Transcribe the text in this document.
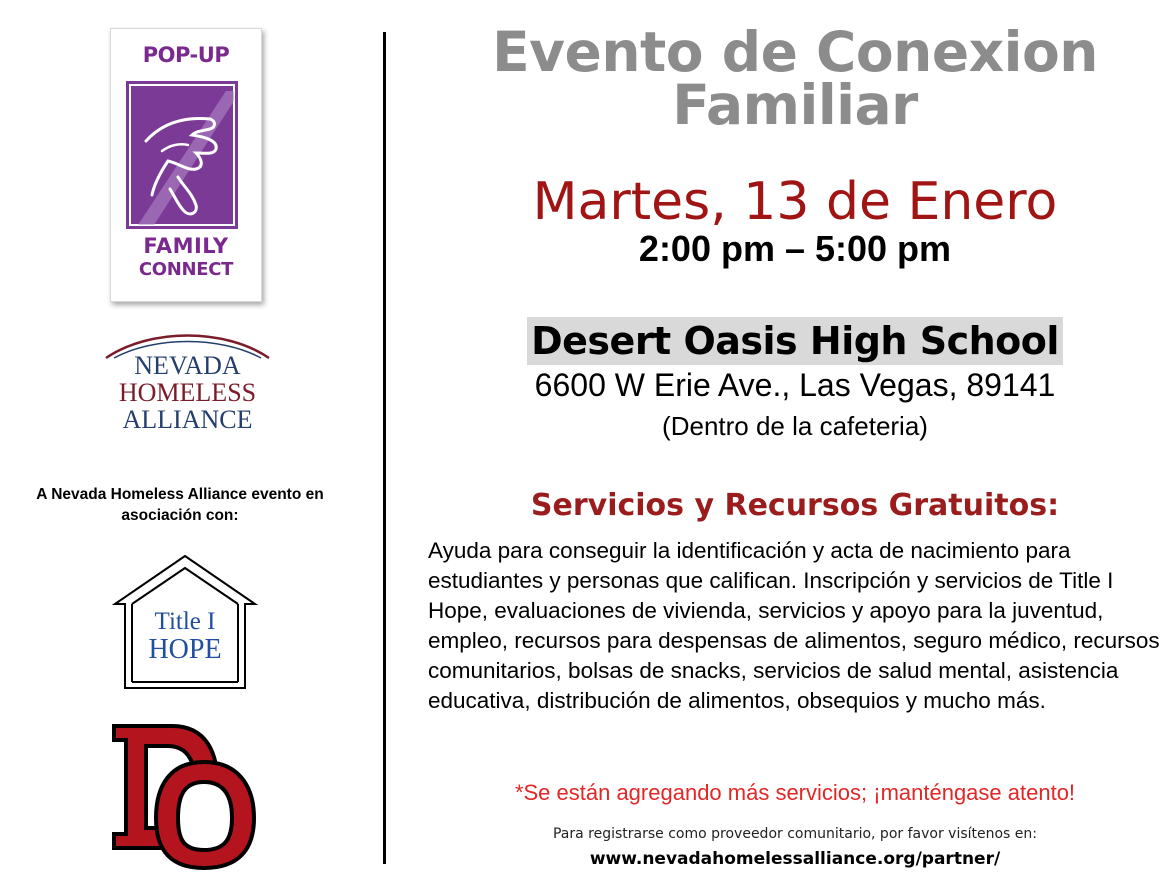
POP-UP
FAMILY
CONNECT
NEVADA
HOMELESS
ALLIANCE
A Nevada Homeless Alliance evento en asociación con:
Title I
HOPE
Evento de Conexion
Familiar
Martes, 13 de Enero
2:00 pm – 5:00 pm
Desert Oasis High School
6600 W Erie Ave., Las Vegas, 89141
(Dentro de la cafeteria)
Servicios y Recursos Gratuitos:
Ayuda para conseguir la identificación y acta de nacimiento para estudiantes y personas que califican. Inscripción y servicios de Title I Hope, evaluaciones de vivienda, servicios y apoyo para la juventud, empleo, recursos para despensas de alimentos, seguro médico, recursos comunitarios, bolsas de snacks, servicios de salud mental, asistencia educativa, distribución de alimentos, obsequios y mucho más.
*Se están agregando más servicios; ¡manténgase atento!
Para registrarse como proveedor comunitario, por favor visítenos en:
www.nevadahomelessalliance.org/partner/
